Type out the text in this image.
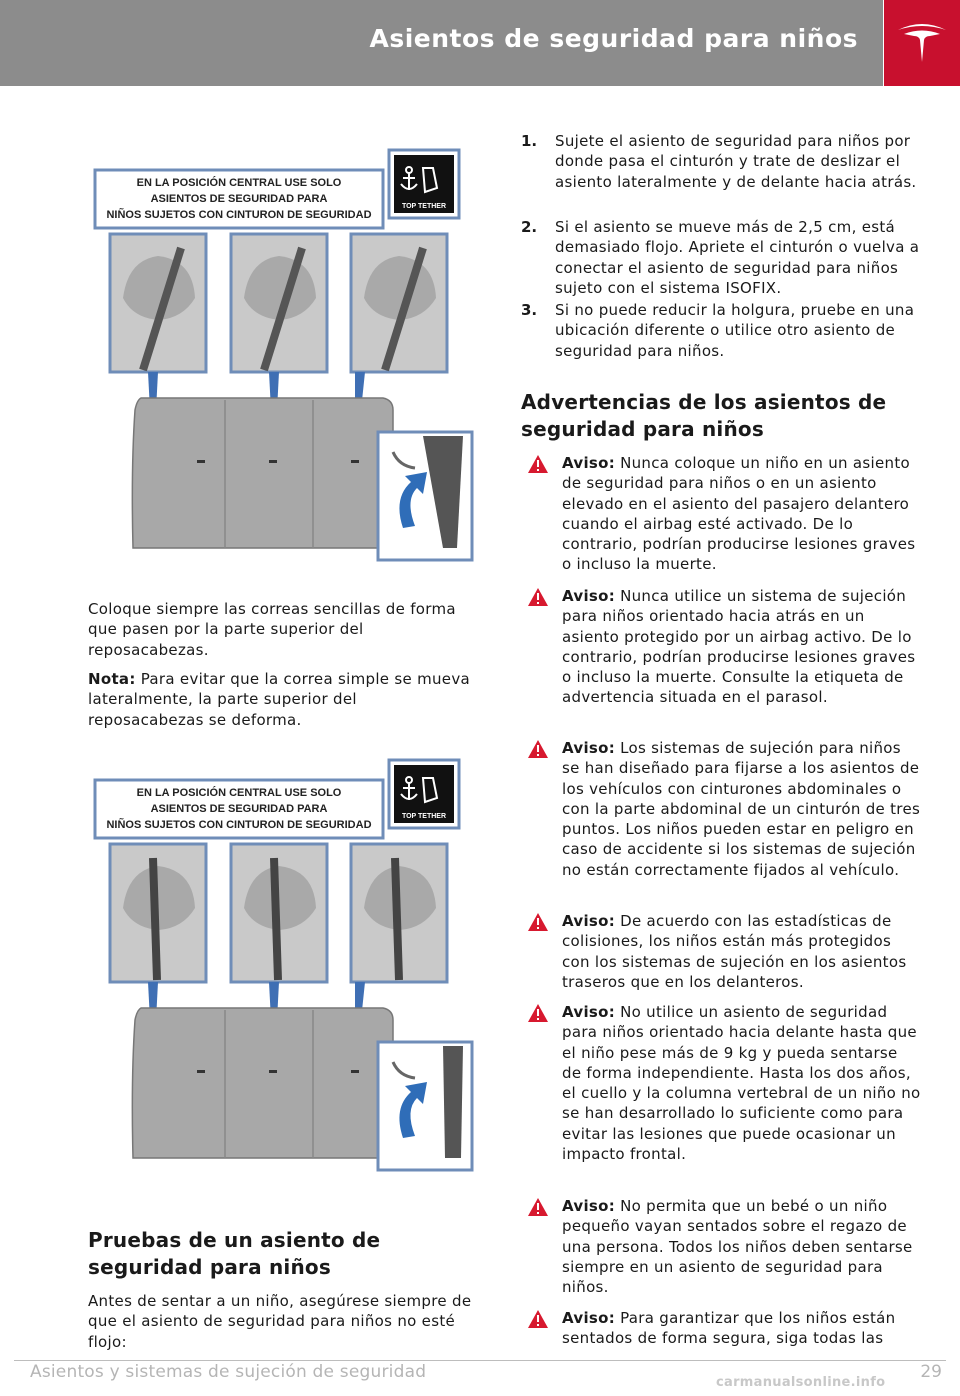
Asientos de seguridad para niños
EN LA POSICIÓN CENTRAL USE SOLO
ASIENTOS DE SEGURIDAD PARA
NIÑOS SUJETOS CON CINTURON DE SEGURIDAD
TOP TETHER

Coloque siempre las correas sencillas de forma que pasen por la parte superior del reposacabezas.

Nota: Para evitar que la correa simple se mueva lateralmente, la parte superior del reposacabezas se deforma.

EN LA POSICIÓN CENTRAL USE SOLO
ASIENTOS DE SEGURIDAD PARA
NIÑOS SUJETOS CON CINTURON DE SEGURIDAD
TOP TETHER
Pruebas de un asiento de seguridad para niños

Antes de sentar a un niño, asegúrese siempre de que el asiento de seguridad para niños no esté flojo:

1. Sujete el asiento de seguridad para niños por donde pasa el cinturón y trate de deslizar el asiento lateralmente y de delante hacia atrás.

2. Si el asiento se mueve más de 2,5 cm, está demasiado flojo. Apriete el cinturón o vuelva a conectar el asiento de seguridad para niños sujeto con el sistema ISOFIX.

3. Si no puede reducir la holgura, pruebe en una ubicación diferente o utilice otro asiento de seguridad para niños.

Advertencias de los asientos de seguridad para niños

Aviso: Nunca coloque un niño en un asiento de seguridad para niños o en un asiento elevado en el asiento del pasajero delantero cuando el airbag esté activado. De lo contrario, podrían producirse lesiones graves o incluso la muerte.

Aviso: Nunca utilice un sistema de sujeción para niños orientado hacia atrás en un asiento protegido por un airbag activo. De lo contrario, podrían producirse lesiones graves o incluso la muerte. Consulte la etiqueta de advertencia situada en el parasol.

Aviso: Los sistemas de sujeción para niños se han diseñado para fijarse a los asientos de los vehículos con cinturones abdominales o con la parte abdominal de un cinturón de tres puntos. Los niños pueden estar en peligro en caso de accidente si los sistemas de sujeción no están correctamente fijados al vehículo.

Aviso: De acuerdo con las estadísticas de colisiones, los niños están más protegidos con los sistemas de sujeción en los asientos traseros que en los delanteros.

Aviso: No utilice un asiento de seguridad para niños orientado hacia delante hasta que el niño pese más de 9 kg y pueda sentarse de forma independiente. Hasta los dos años, el cuello y la columna vertebral de un niño no se han desarrollado lo suficiente como para evitar las lesiones que puede ocasionar un impacto frontal.

Aviso: No permita que un bebé o un niño pequeño vayan sentados sobre el regazo de una persona. Todos los niños deben sentarse siempre en un asiento de seguridad para niños.

Aviso: Para garantizar que los niños están sentados de forma segura, siga todas las

Asientos y sistemas de sujeción de seguridad	29
carmanualsonline.info
